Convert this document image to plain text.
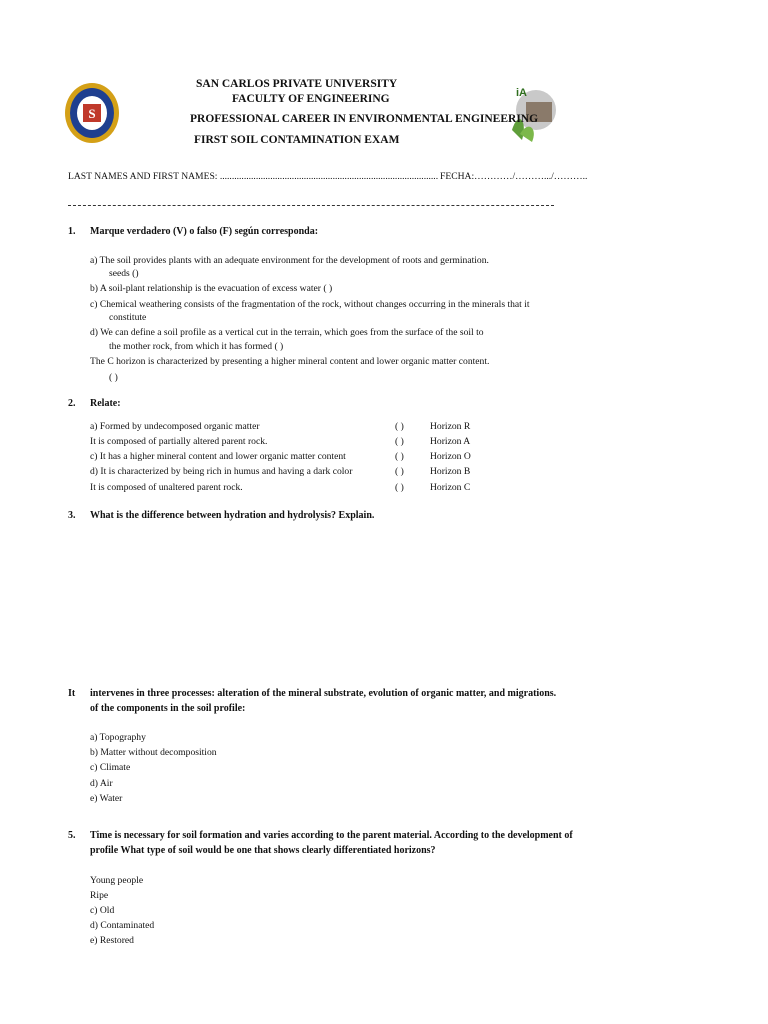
S
iA
SAN CARLOS PRIVATE UNIVERSITY
FACULTY OF ENGINEERING
PROFESSIONAL CAREER IN ENVIRONMENTAL ENGINEERING
FIRST SOIL CONTAMINATION EXAM
LAST NAMES AND FIRST NAMES: ........................................................................................... FECHA:…………/……….../………..
1. Marque verdadero (V) o falso (F) según corresponda:
a) The soil provides plants with an adequate environment for the development of roots and germination.
seeds ()
b) A soil-plant relationship is the evacuation of excess water ( )
c) Chemical weathering consists of the fragmentation of the rock, without changes occurring in the minerals that it
constitute
d) We can define a soil profile as a vertical cut in the terrain, which goes from the surface of the soil to
the mother rock, from which it has formed ( )
The C horizon is characterized by presenting a higher mineral content and lower organic matter content.
( )
2. Relate:
a) Formed by undecomposed organic matter	( )	Horizon R
It is composed of partially altered parent rock.	( )	Horizon A
c) It has a higher mineral content and lower organic matter content	( )	Horizon O
d) It is characterized by being rich in humus and having a dark color	( )	Horizon B
It is composed of unaltered parent rock.	( )	Horizon C
3. What is the difference between hydration and hydrolysis? Explain.
It intervenes in three processes: alteration of the mineral substrate, evolution of organic matter, and migrations.
of the components in the soil profile:
a) Topography
b) Matter without decomposition
c) Climate
d) Air
e) Water
5. Time is necessary for soil formation and varies according to the parent material. According to the development of
profile What type of soil would be one that shows clearly differentiated horizons?
Young people
Ripe
c) Old
d) Contaminated
e) Restored
